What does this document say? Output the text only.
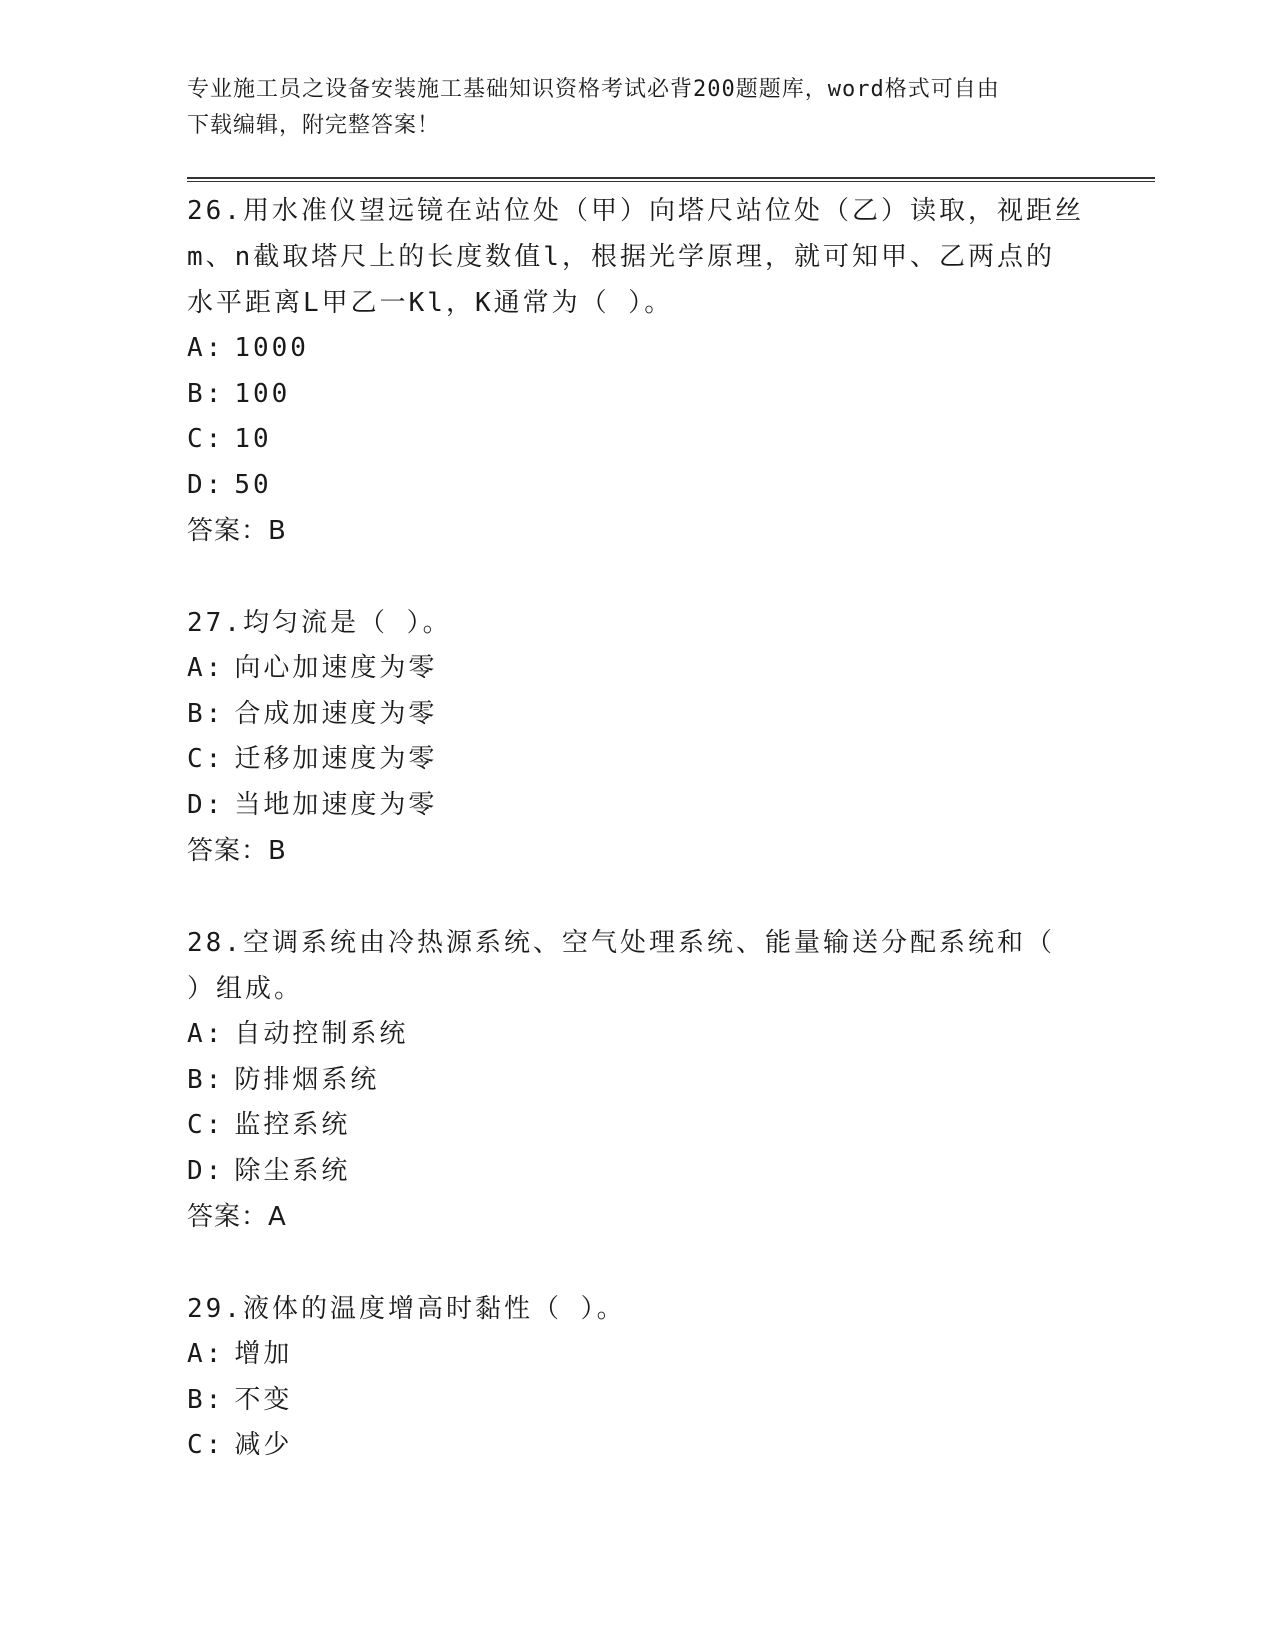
专业施工员之设备安装施工基础知识资格考试必背200题题库，word格式可自由
下载编辑，附完整答案！

26.用水准仪望远镜在站位处（甲）向塔尺站位处（乙）读取，视距丝

m、n截取塔尺上的长度数值l，根据光学原理，就可知甲、乙两点的

水平距离L甲乙一Kl，K通常为（ ）。

A: 1000

B: 100

C: 10

D: 50

答案：B

27.均匀流是（ ）。

A: 向心加速度为零

B: 合成加速度为零

C: 迁移加速度为零

D: 当地加速度为零

答案：B

28.空调系统由冷热源系统、空气处理系统、能量输送分配系统和（

）组成。

A: 自动控制系统

B: 防排烟系统

C: 监控系统

D: 除尘系统

答案：A

29.液体的温度增高时黏性（ ）。

A: 增加

B: 不变

C: 减少
